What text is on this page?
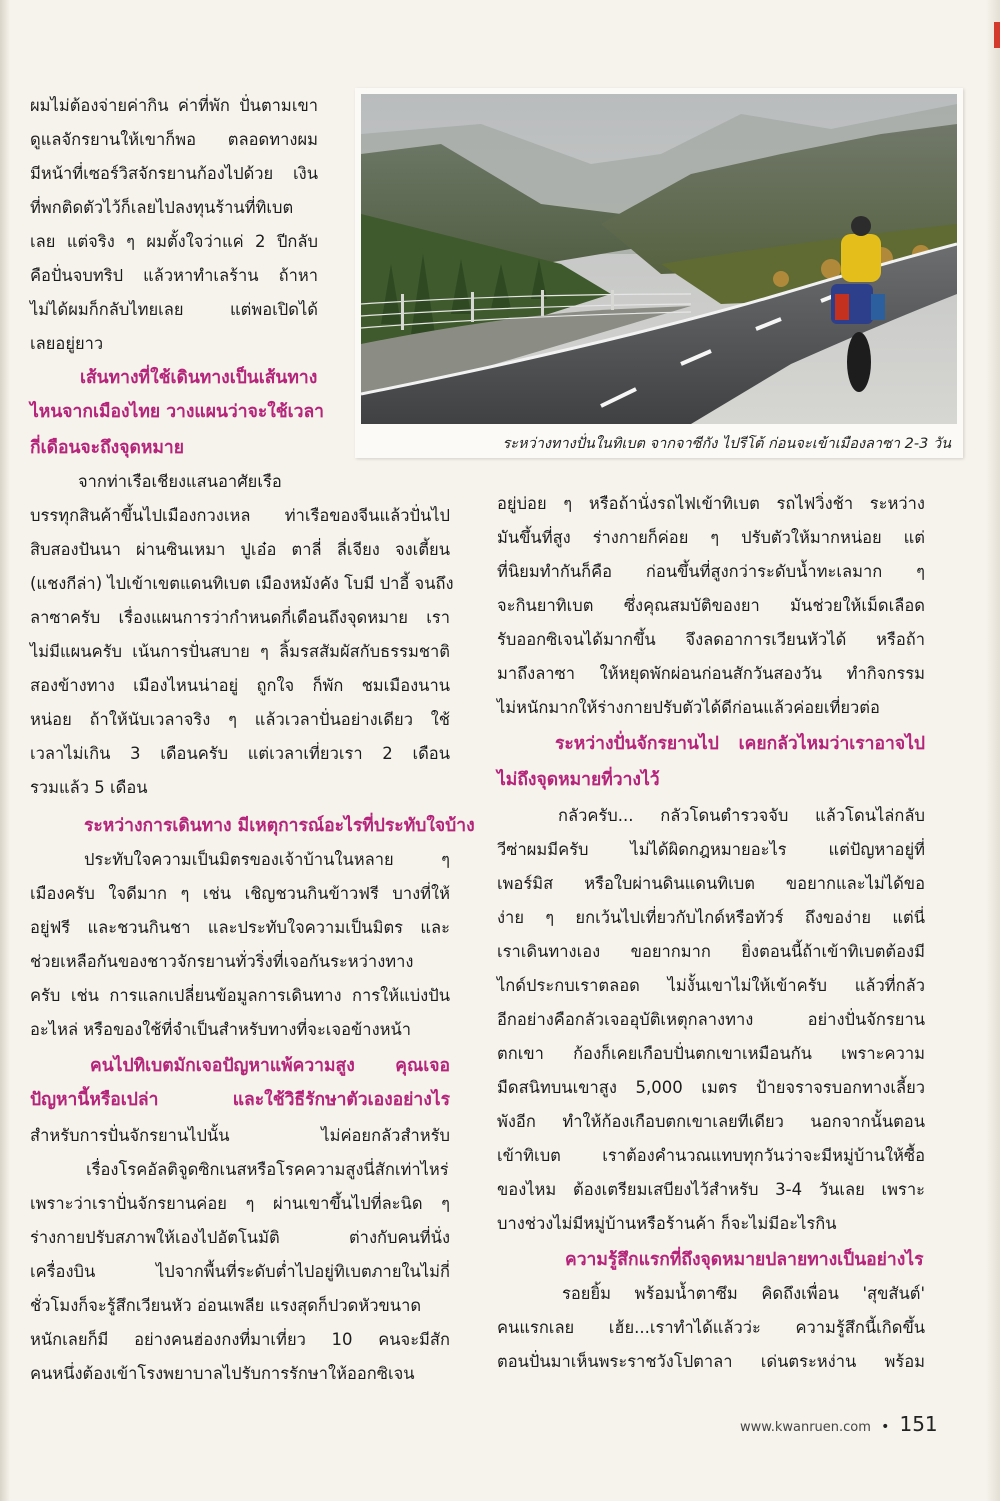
ระหว่างทางปั่นในทิเบต จากจาซีกัง ไปรีโต้ ก่อนจะเข้าเมืองลาซา 2-3 วัน
ผมไม่ต้องจ่ายค่ากิน ค่าที่พัก ปั่นตามเขา
ดูแลจักรยานให้เขาก็พอ ตลอดทางผม
มีหน้าที่เซอร์วิสจักรยานก้องไปด้วย เงิน
ที่พกติดตัวไว้ก็เลยไปลงทุนร้านที่ทิเบต
เลย แต่จริง ๆ ผมตั้งใจว่าแค่ 2 ปีกลับ
คือปั่นจบทริป แล้วหาทำเลร้าน ถ้าหา
ไม่ได้ผมก็กลับไทยเลย แต่พอเปิดได้
เลยอยู่ยาว
เส้นทางที่ใช้เดินทางเป็นเส้นทาง
ไหนจากเมืองไทย วางแผนว่าจะใช้เวลา
กี่เดือนจะถึงจุดหมาย
จากท่าเรือเชียงแสนอาศัยเรือ
บรรทุกสินค้าขึ้นไปเมืองกวงเหล ท่าเรือของจีนแล้วปั่นไป
สิบสองปันนา ผ่านซินเหมา ปูเอ๋อ ตาลี่ ลี่เจียง จงเตี้ยน
(แชงกีล่า) ไปเข้าเขตแดนทิเบต เมืองหมังคัง โบมี ปาอี้ จนถึง
ลาซาครับ เรื่องแผนการว่ากำหนดกี่เดือนถึงจุดหมาย เรา
ไม่มีแผนครับ เน้นการปั่นสบาย ๆ ลิ้มรสสัมผัสกับธรรมชาติ
สองข้างทาง เมืองไหนน่าอยู่ ถูกใจ ก็พัก ชมเมืองนาน
หน่อย ถ้าให้นับเวลาจริง ๆ แล้วเวลาปั่นอย่างเดียว ใช้
เวลาไม่เกิน 3 เดือนครับ แต่เวลาเที่ยวเรา 2 เดือน
รวมแล้ว 5 เดือน
ระหว่างการเดินทาง มีเหตุการณ์อะไรที่ประทับใจบ้าง
ประทับใจความเป็นมิตรของเจ้าบ้านในหลาย ๆ
เมืองครับ ใจดีมาก ๆ เช่น เชิญชวนกินข้าวฟรี บางที่ให้
อยู่ฟรี และชวนกินชา และประทับใจความเป็นมิตร และ
ช่วยเหลือกันของชาวจักรยานทั่วริ่งที่เจอกันระหว่างทาง
ครับ เช่น การแลกเปลี่ยนข้อมูลการเดินทาง การให้แบ่งปัน
อะไหล่ หรือของใช้ที่จำเป็นสำหรับทางที่จะเจอข้างหน้า
คนไปทิเบตมักเจอปัญหาแพ้ความสูง คุณเจอ
ปัญหานี้หรือเปล่า และใช้วิธีรักษาตัวเองอย่างไร
สำหรับการปั่นจักรยานไปนั้น ไม่ค่อยกลัวสำหรับ
เรื่องโรคอัลติจูดซิกเนสหรือโรคความสูงนี่สักเท่าไหร่
เพราะว่าเราปั่นจักรยานค่อย ๆ ผ่านเขาขึ้นไปที่ละนิด ๆ
ร่างกายปรับสภาพให้เองไปอัตโนมัติ ต่างกับคนที่นั่ง
เครื่องบิน ไปจากพื้นที่ระดับต่ำไปอยู่ทิเบตภายในไม่กี่
ชั่วโมงก็จะรู้สึกเวียนหัว อ่อนเพลีย แรงสุดก็ปวดหัวขนาด
หนักเลยก็มี อย่างคนฮ่องกงที่มาเที่ยว 10 คนจะมีสัก
คนหนึ่งต้องเข้าโรงพยาบาลไปรับการรักษาให้ออกซิเจน
อยู่บ่อย ๆ หรือถ้านั่งรถไฟเข้าทิเบต รถไฟวิ่งช้า ระหว่าง
มันขึ้นที่สูง ร่างกายก็ค่อย ๆ ปรับตัวให้มากหน่อย แต่
ที่นิยมทำกันก็คือ ก่อนขึ้นที่สูงกว่าระดับน้ำทะเลมาก ๆ
จะกินยาทิเบต ซึ่งคุณสมบัติของยา มันช่วยให้เม็ดเลือด
รับออกซิเจนได้มากขึ้น จึงลดอาการเวียนหัวได้ หรือถ้า
มาถึงลาซา ให้หยุดพักผ่อนก่อนสักวันสองวัน ทำกิจกรรม
ไม่หนักมากให้ร่างกายปรับตัวได้ดีก่อนแล้วค่อยเที่ยวต่อ
ระหว่างปั่นจักรยานไป เคยกลัวไหมว่าเราอาจไป
ไม่ถึงจุดหมายที่วางไว้
กลัวครับ... กลัวโดนตำรวจจับ แล้วโดนไล่กลับ
วีซ่าผมมีครับ ไม่ได้ผิดกฎหมายอะไร แต่ปัญหาอยู่ที่
เพอร์มิส หรือใบผ่านดินแดนทิเบต ขอยากและไม่ได้ขอ
ง่าย ๆ ยกเว้นไปเที่ยวกับไกด์หรือทัวร์ ถึงของ่าย แต่นี่
เราเดินทางเอง ขอยากมาก ยิ่งตอนนี้ถ้าเข้าทิเบตต้องมี
ไกด์ประกบเราตลอด ไม่งั้นเขาไม่ให้เข้าครับ แล้วที่กลัว
อีกอย่างคือกลัวเจออุบัติเหตุกลางทาง อย่างปั่นจักรยาน
ตกเขา ก้องก็เคยเกือบปั่นตกเขาเหมือนกัน เพราะความ
มืดสนิทบนเขาสูง 5,000 เมตร ป้ายจราจรบอกทางเลี้ยว
พังอีก ทำให้ก้องเกือบตกเขาเลยทีเดียว นอกจากนั้นตอน
เข้าทิเบต เราต้องคำนวณแทบทุกวันว่าจะมีหมู่บ้านให้ซื้อ
ของไหม ต้องเตรียมเสบียงไว้สำหรับ 3-4 วันเลย เพราะ
บางช่วงไม่มีหมู่บ้านหรือร้านค้า ก็จะไม่มีอะไรกิน
ความรู้สึกแรกที่ถึงจุดหมายปลายทางเป็นอย่างไร
รอยยิ้ม พร้อมน้ำตาซึม คิดถึงเพื่อน 'สุขสันต์'
คนแรกเลย เฮ้ย...เราทำได้แล้วว่ะ ความรู้สึกนี้เกิดขึ้น
ตอนปั่นมาเห็นพระราชวังโปตาลา เด่นตระหง่าน พร้อม
www.kwanruen.com • 151
